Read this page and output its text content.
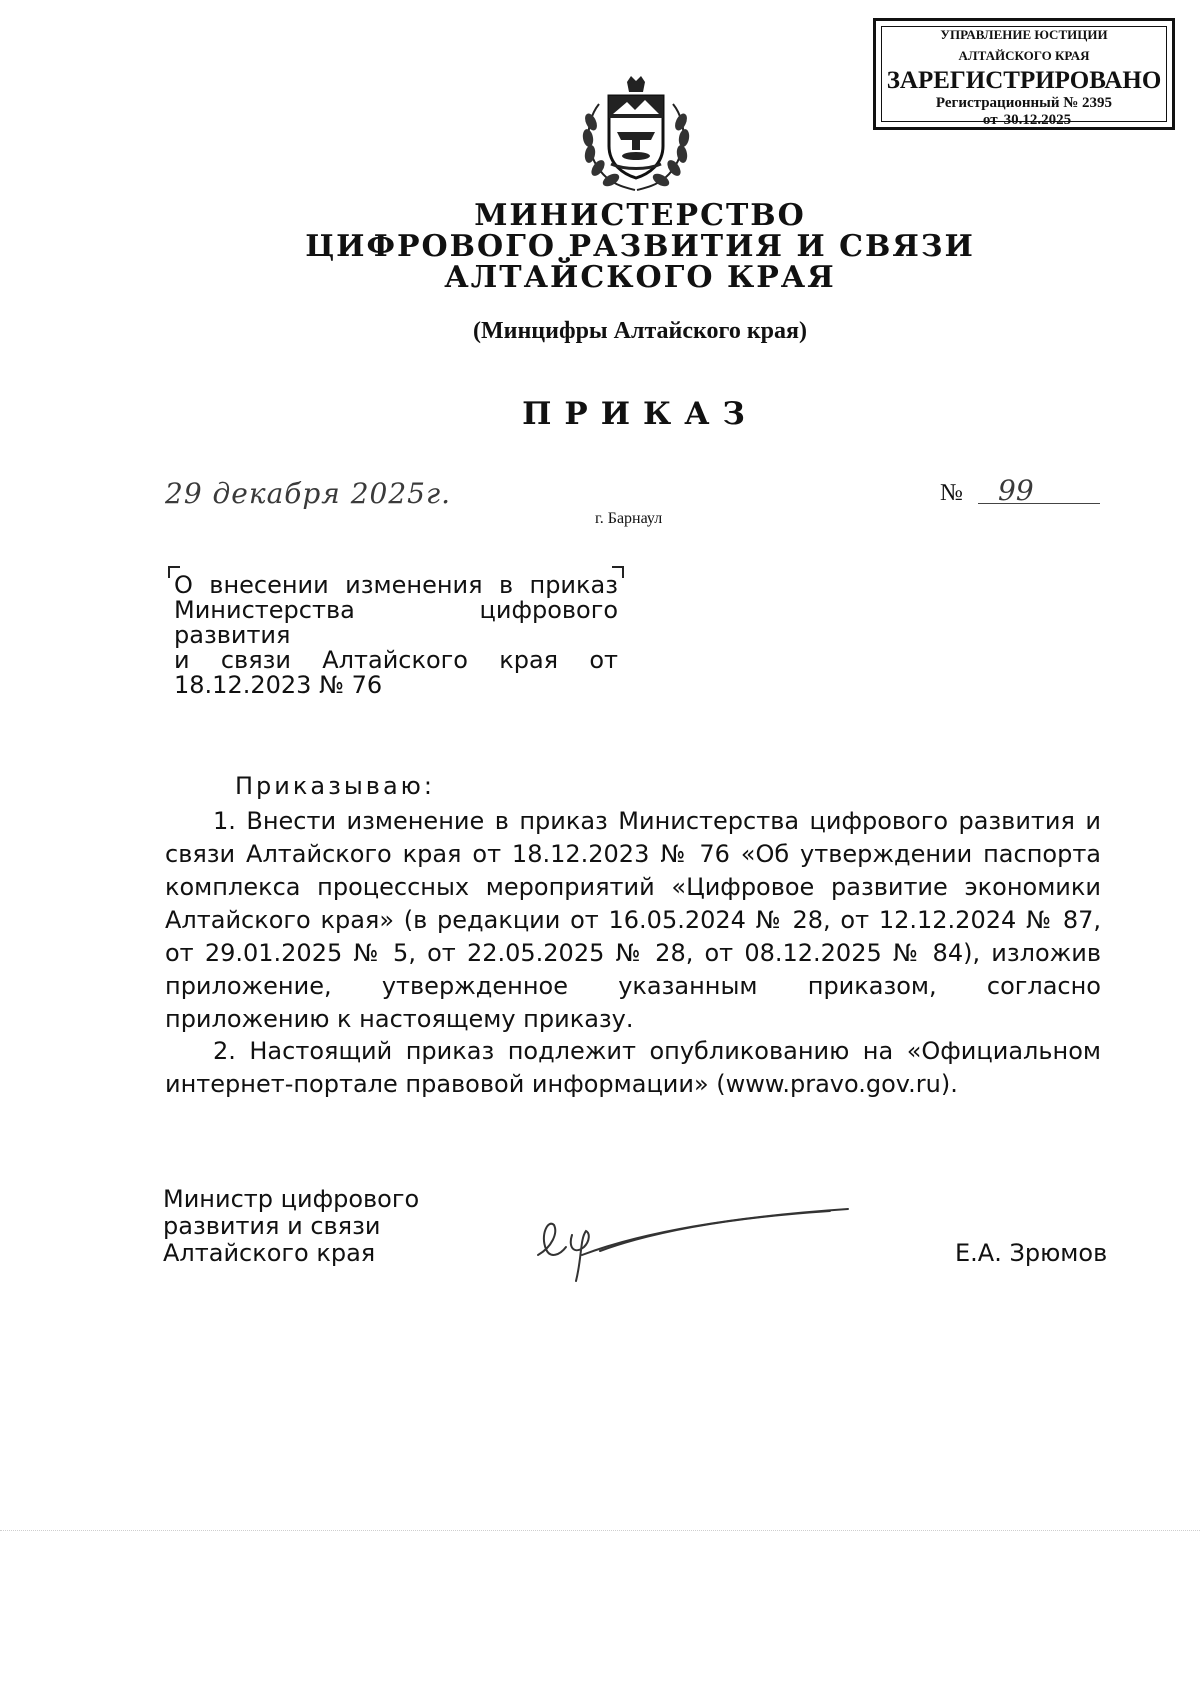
УПРАВЛЕНИЕ ЮСТИЦИИ
АЛТАЙСКОГО КРАЯ
ЗАРЕГИСТРИРОВАНО
Регистрационный № 2395
от 30.12.2025
МИНИСТЕРСТВО
ЦИФРОВОГО РАЗВИТИЯ И СВЯЗИ
АЛТАЙСКОГО КРАЯ
(Минцифры Алтайского края)
ПРИКАЗ
29 декабря 2025г.
г. Барнаул
№	99
О внесении изменения в приказ
Министерства цифрового развития
и связи Алтайского края от
18.12.2023 № 76
Приказываю:
1. Внести изменение в приказ Министерства цифрового развития и связи Алтайского края от 18.12.2023 № 76 «Об утверждении паспорта комплекса процессных мероприятий «Цифровое развитие экономики Алтайского края» (в редакции от 16.05.2024 № 28, от 12.12.2024 № 87, от 29.01.2025 № 5, от 22.05.2025 № 28, от 08.12.2025 № 84), изложив приложение, утвержденное указанным приказом, согласно приложению к настоящему приказу.
2. Настоящий приказ подлежит опубликованию на «Официальном интернет-портале правовой информации» (www.pravo.gov.ru).
Министр цифрового
развития и связи
Алтайского края	Е.А. Зрюмов
